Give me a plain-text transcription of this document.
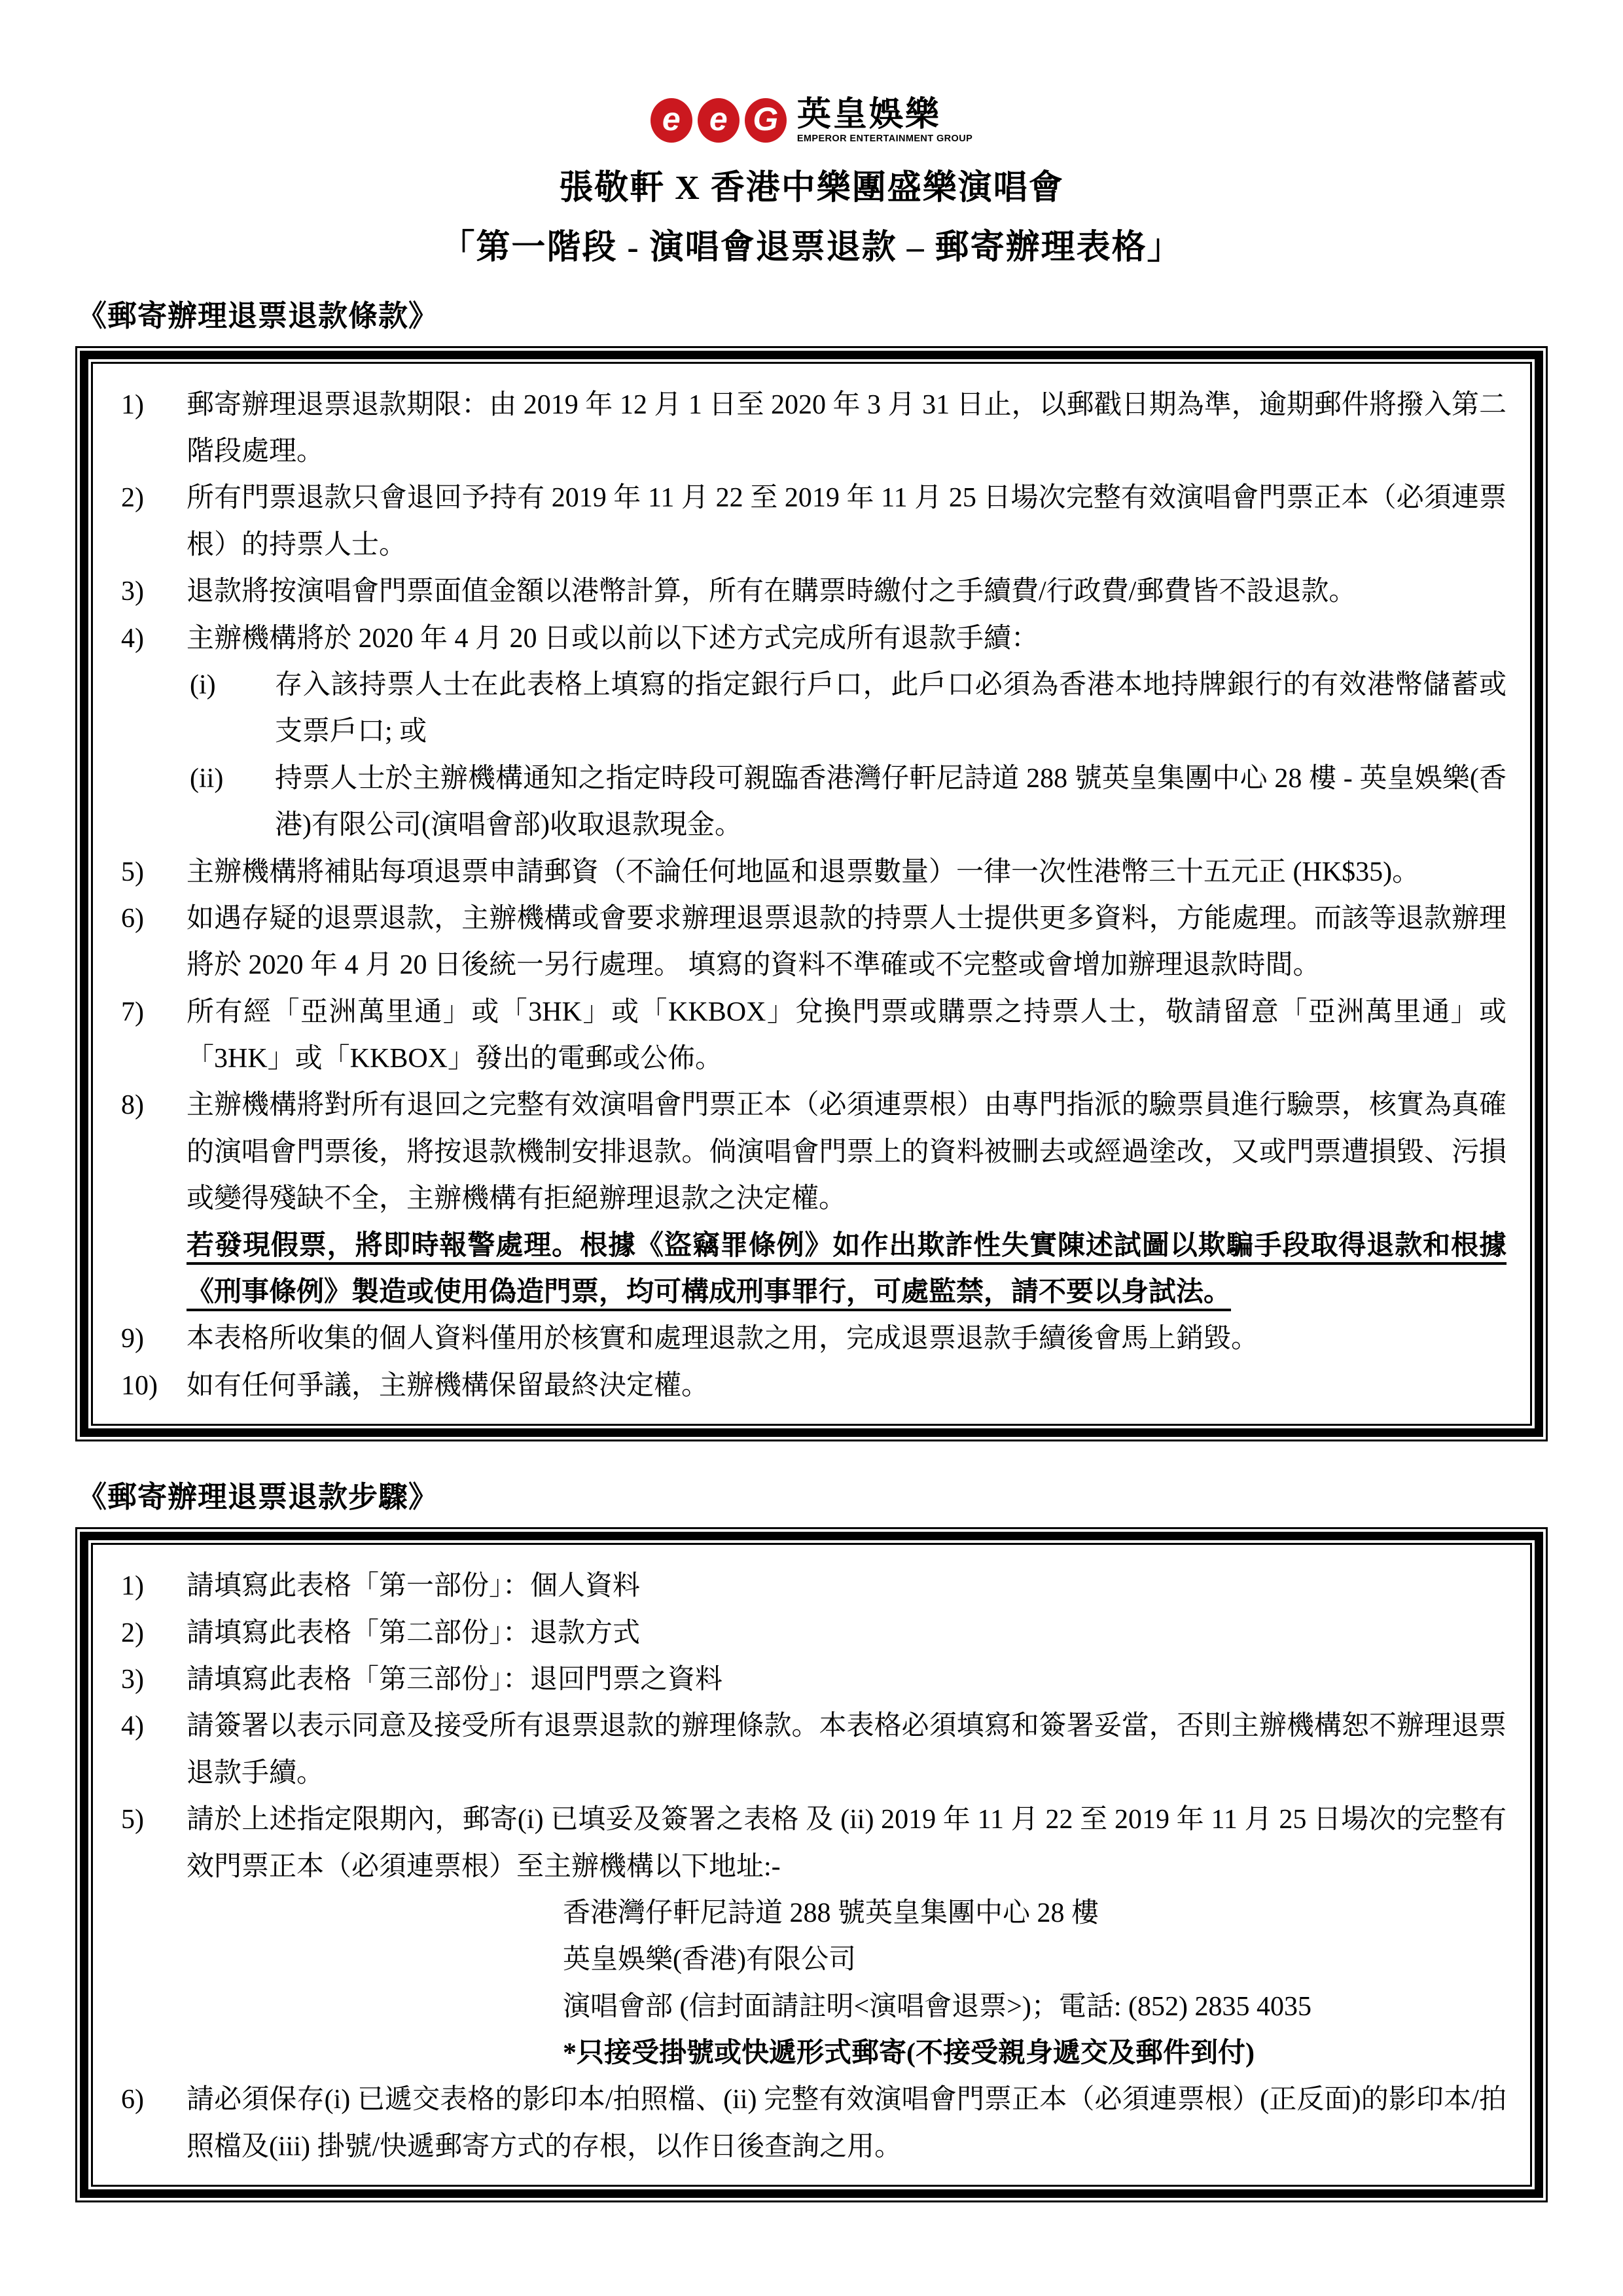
e e G 英皇娛樂
EMPEROR ENTERTAINMENT GROUP
張敬軒 X 香港中樂團盛樂演唱會
「第一階段 - 演唱會退票退款 – 郵寄辦理表格」
《郵寄辦理退票退款條款》
1)	郵寄辦理退票退款期限：由 2019 年 12 月 1 日至 2020 年 3 月 31 日止，以郵戳日期為準，逾期郵件將撥入第二階段處理。
2)	所有門票退款只會退回予持有 2019 年 11 月 22 至 2019 年 11 月 25 日場次完整有效演唱會門票正本（必須連票根）的持票人士。
3)	退款將按演唱會門票面值金額以港幣計算，所有在購票時繳付之手續費/行政費/郵費皆不設退款。
4)	主辦機構將於 2020 年 4 月 20 日或以前以下述方式完成所有退款手續：
(i)	存入該持票人士在此表格上填寫的指定銀行戶口，此戶口必須為香港本地持牌銀行的有效港幣儲蓄或支票戶口; 或
(ii)	持票人士於主辦機構通知之指定時段可親臨香港灣仔軒尼詩道 288 號英皇集團中心 28 樓 - 英皇娛樂(香港)有限公司(演唱會部)收取退款現金。
5)	主辦機構將補貼每項退票申請郵資（不論任何地區和退票數量）一律一次性港幣三十五元正 (HK$35)。
6)	如遇存疑的退票退款，主辦機構或會要求辦理退票退款的持票人士提供更多資料，方能處理。而該等退款辦理將於 2020 年 4 月 20 日後統一另行處理。 填寫的資料不準確或不完整或會增加辦理退款時間。
7)	所有經「亞洲萬里通」或「3HK」或「KKBOX」兌換門票或購票之持票人士，敬請留意「亞洲萬里通」或「3HK」或「KKBOX」發出的電郵或公佈。
8)	主辦機構將對所有退回之完整有效演唱會門票正本（必須連票根）由專門指派的驗票員進行驗票，核實為真確的演唱會門票後，將按退款機制安排退款。倘演唱會門票上的資料被刪去或經過塗改，又或門票遭損毀、污損或變得殘缺不全，主辦機構有拒絕辦理退款之決定權。
若發現假票，將即時報警處理。根據《盜竊罪條例》如作出欺詐性失實陳述試圖以欺騙手段取得退款和根據《刑事條例》製造或使用偽造門票，均可構成刑事罪行，可處監禁，請不要以身試法。
9)	本表格所收集的個人資料僅用於核實和處理退款之用，完成退票退款手續後會馬上銷毀。
10)	如有任何爭議，主辦機構保留最終決定權。
《郵寄辦理退票退款步驟》
1)	請填寫此表格「第一部份」：個人資料
2)	請填寫此表格「第二部份」：退款方式
3)	請填寫此表格「第三部份」：退回門票之資料
4)	請簽署以表示同意及接受所有退票退款的辦理條款。本表格必須填寫和簽署妥當，否則主辦機構恕不辦理退票退款手續。
5)	請於上述指定限期內，郵寄(i) 已填妥及簽署之表格 及 (ii) 2019 年 11 月 22 至 2019 年 11 月 25 日場次的完整有效門票正本（必須連票根）至主辦機構以下地址:-
香港灣仔軒尼詩道 288 號英皇集團中心 28 樓
英皇娛樂(香港)有限公司
演唱會部 (信封面請註明<演唱會退票>)；電話: (852) 2835 4035
*只接受掛號或快遞形式郵寄(不接受親身遞交及郵件到付)
6)	請必須保存(i) 已遞交表格的影印本/拍照檔、(ii) 完整有效演唱會門票正本（必須連票根）(正反面)的影印本/拍照檔及(iii) 掛號/快遞郵寄方式的存根，以作日後查詢之用。
